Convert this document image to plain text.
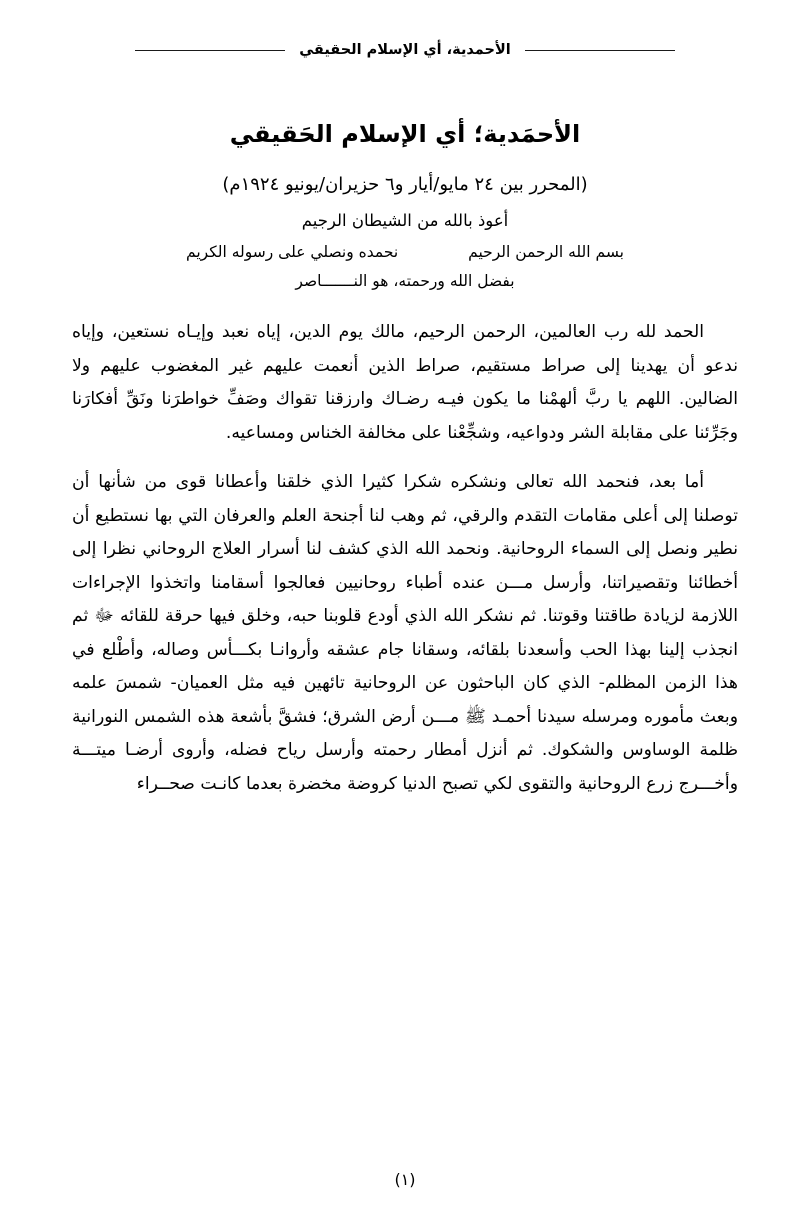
الأحمدية، أي الإسلام الحقيقي
الأحمَدية؛ أي الإسلام الحَقيقي
(المحرر بين ٢٤ مايو/أيار و٦ حزيران/يونيو ١٩٢٤م)
أعوذ بالله من الشيطان الرجيم
بسم الله الرحمن الرحيم
نحمده ونصلي على رسوله الكريم
بفضل الله ورحمته، هو النـــــــاصر

الحمد لله رب العالمين، الرحمن الرحيم، مالك يوم الدين، إياه نعبد وإيـاه نستعين، وإياه ندعو أن يهدينا إلى صراط مستقيم، صراط الذين أنعمت عليهم غير المغضوب عليهم ولا الضالين. اللهم يا ربَّ ألهمْنا ما يكون فيـه رضـاك وارزقنا تقواك وصَفِّ خواطرَنا ونَقِّ أفكارَنا وجَرِّئنا على مقابلة الشر ودواعيه، وشجِّعْنا على مخالفة الخناس ومساعيه.

أما بعد، فنحمد الله تعالى ونشكره شكرا كثيرا الذي خلقنا وأعطانا قوى من شأنها أن توصلنا إلى أعلى مقامات التقدم والرقي، ثم وهب لنا أجنحة العلم والعرفان التي بها نستطيع أن نطير ونصل إلى السماء الروحانية. ونحمد الله الذي كشف لنا أسرار العلاج الروحاني نظرا إلى أخطائنا وتقصيراتنا، وأرسل مـــن عنده أطباء روحانيين فعالجوا أسقامنا واتخذوا الإجراءات اللازمة لزيادة طاقتنا وقوتنا. ثم نشكر الله الذي أودع قلوبنا حبه، وخلق فيها حرقة للقائه ﷻ ثم انجذب إلينا بهذا الحب وأسعدنا بلقائه، وسقانا جام عشقه وأروانـا بكـــأس وصاله، وأطْلع في هذا الزمن المظلم- الذي كان الباحثون عن الروحانية تائهين فيه مثل العميان- شمسَ علمه وبعث مأموره ومرسله سيدنا أحمـد ﷺ مـــن أرض الشرق؛ فشقَّ بأشعة هذه الشمس النورانية ظلمة الوساوس والشكوك. ثم أنزل أمطار رحمته وأرسل رياح فضله، وأروى أرضـا ميتـــة وأخـــرج زرع الروحانية والتقوى لكي تصبح الدنيا كروضة مخضرة بعدما كانـت صحــراء

(١)
